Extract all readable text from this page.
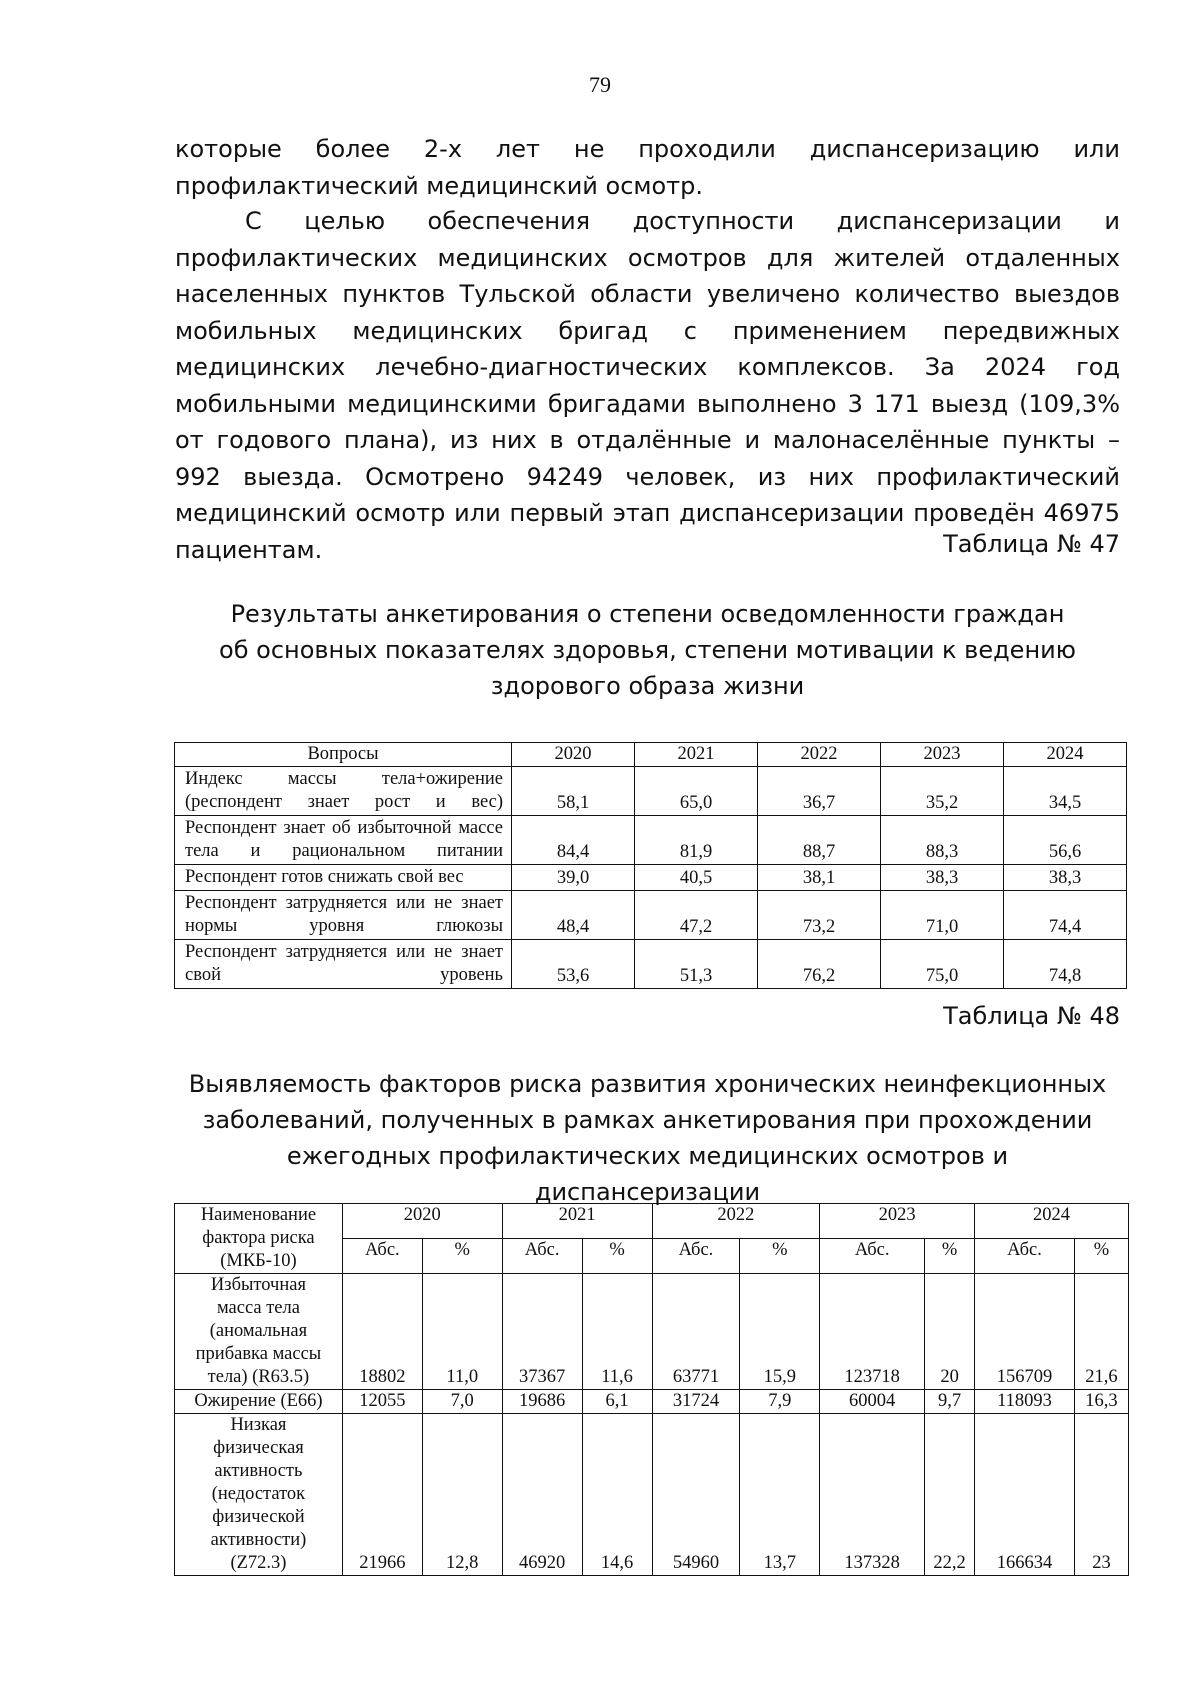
79

которые более 2-х лет не проходили диспансеризацию или профилактический медицинский осмотр.

С целью обеспечения доступности диспансеризации и профилактических медицинских осмотров для жителей отдаленных населенных пунктов Тульской области увеличено количество выездов мобильных медицинских бригад с применением передвижных медицинских лечебно-диагностических комплексов. За 2024 год мобильными медицинскими бригадами выполнено 3 171 выезд (109,3% от годового плана), из них в отдалённые и малонаселённые пункты – 992 выезда. Осмотрено 94249 человек, из них профилактический медицинский осмотр или первый этап диспансеризации проведён 46975 пациентам.	Таблица № 47
Результаты анкетирования о степени осведомленности граждан
об основных показателях здоровья, степени мотивации к ведению
здорового образа жизни
Вопросы	2020	2021	2022	2023	2024
Индекс массы тела+ожирение (респондент знает рост и вес)	58,1	65,0	36,7	35,2	34,5
Респондент знает об избыточной массе тела и рациональном питании	84,4	81,9	88,7	88,3	56,6
Респондент готов снижать свой вес	39,0	40,5	38,1	38,3	38,3
Респондент затрудняется или не знает нормы уровня глюкозы	48,4	47,2	73,2	71,0	74,4
Респондент затрудняется или не знает свой уровень	53,6	51,3	76,2	75,0	74,8
Таблица № 48
Выявляемость факторов риска развития хронических неинфекционных
заболеваний, полученных в рамках анкетирования при прохождении
ежегодных профилактических медицинских осмотров и диспансеризации
Наименование фактора риска (МКБ-10)	2020		2021		2022		2023		2024	
	Абс.	%	Абс.	%	Абс.	%	Абс.	%	Абс.	%
Избыточная масса тела (аномальная прибавка массы тела) (R63.5)	18802	11,0	37367	11,6	63771	15,9	123718	20	156709	21,6
Ожирение (E66)	12055	7,0	19686	6,1	31724	7,9	60004	9,7	118093	16,3
Низкая физическая активность (недостаток физической активности) (Z72.3)	21966	12,8	46920	14,6	54960	13,7	137328	22,2	166634	23
